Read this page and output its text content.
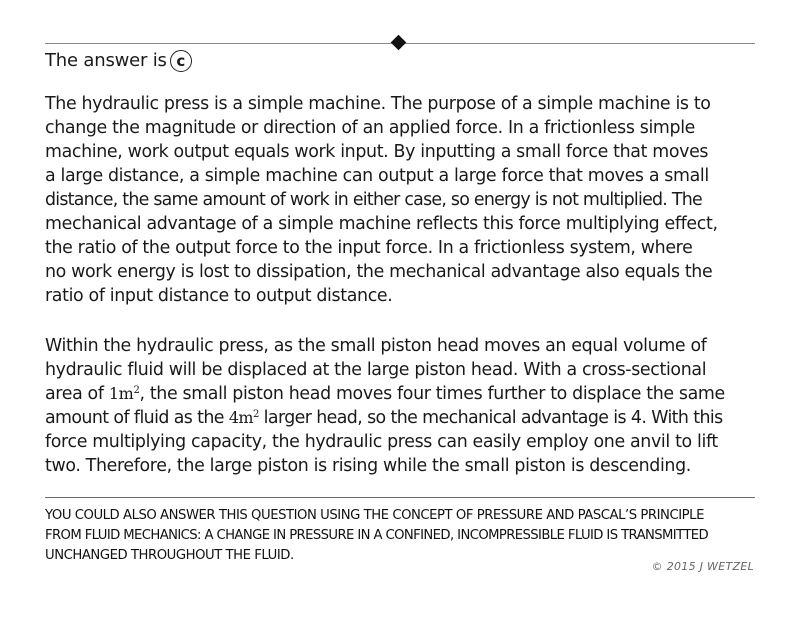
The answer is c
The hydraulic press is a simple machine. The purpose of a simple machine is to
change the magnitude or direction of an applied force. In a frictionless simple
machine, work output equals work input. By inputting a small force that moves
a large distance, a simple machine can output a large force that moves a small
distance, the same amount of work in either case, so energy is not multiplied. The
mechanical advantage of a simple machine reflects this force multiplying effect,
the ratio of the output force to the input force. In a frictionless system, where
no work energy is lost to dissipation, the mechanical advantage also equals the
ratio of input distance to output distance.
Within the hydraulic press, as the small piston head moves an equal volume of
hydraulic fluid will be displaced at the large piston head. With a cross-sectional
area of $1m^2$, the small piston head moves four times further to displace the same
amount of fluid as the $4m^2$ larger head, so the mechanical advantage is 4. With this
force multiplying capacity, the hydraulic press can easily employ one anvil to lift
two. Therefore, the large piston is rising while the small piston is descending.
YOU COULD ALSO ANSWER THIS QUESTION USING THE CONCEPT OF PRESSURE AND PASCAL’S PRINCIPLE
FROM FLUID MECHANICS: A CHANGE IN PRESSURE IN A CONFINED, INCOMPRESSIBLE FLUID IS TRANSMITTED
UNCHANGED THROUGHOUT THE FLUID.
© 2015 J WETZEL
